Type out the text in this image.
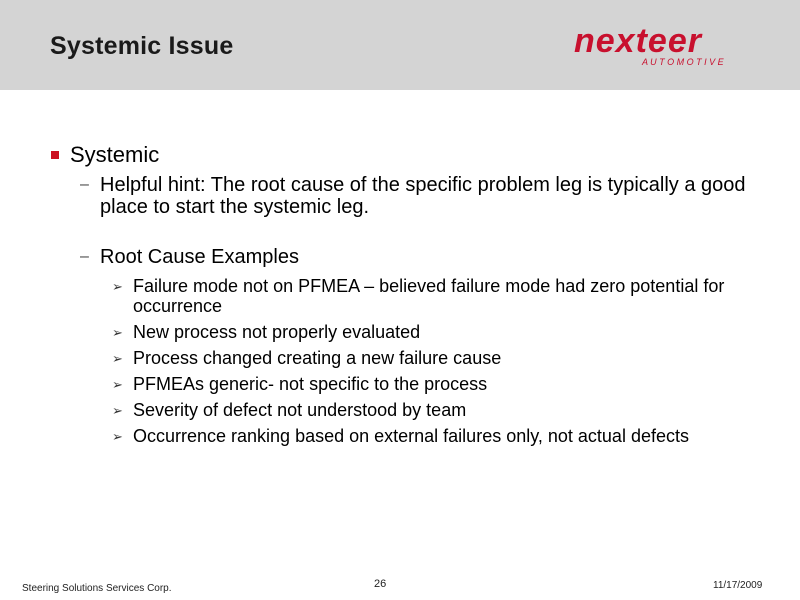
Systemic Issue	nexteer
A U T O M O T I V E
Systemic
– Helpful hint: The root cause of the specific problem leg is typically a good place to start the systemic leg.
– Root Cause Examples
➢ Failure mode not on PFMEA – believed failure mode had zero potential for occurrence
➢ New process not properly evaluated
➢ Process changed creating a new failure cause
➢ PFMEAs generic- not specific to the process
➢ Severity of defect not understood by team
➢ Occurrence ranking based on external failures only, not actual defects
Steering Solutions Services Corp.	26	11/17/2009
